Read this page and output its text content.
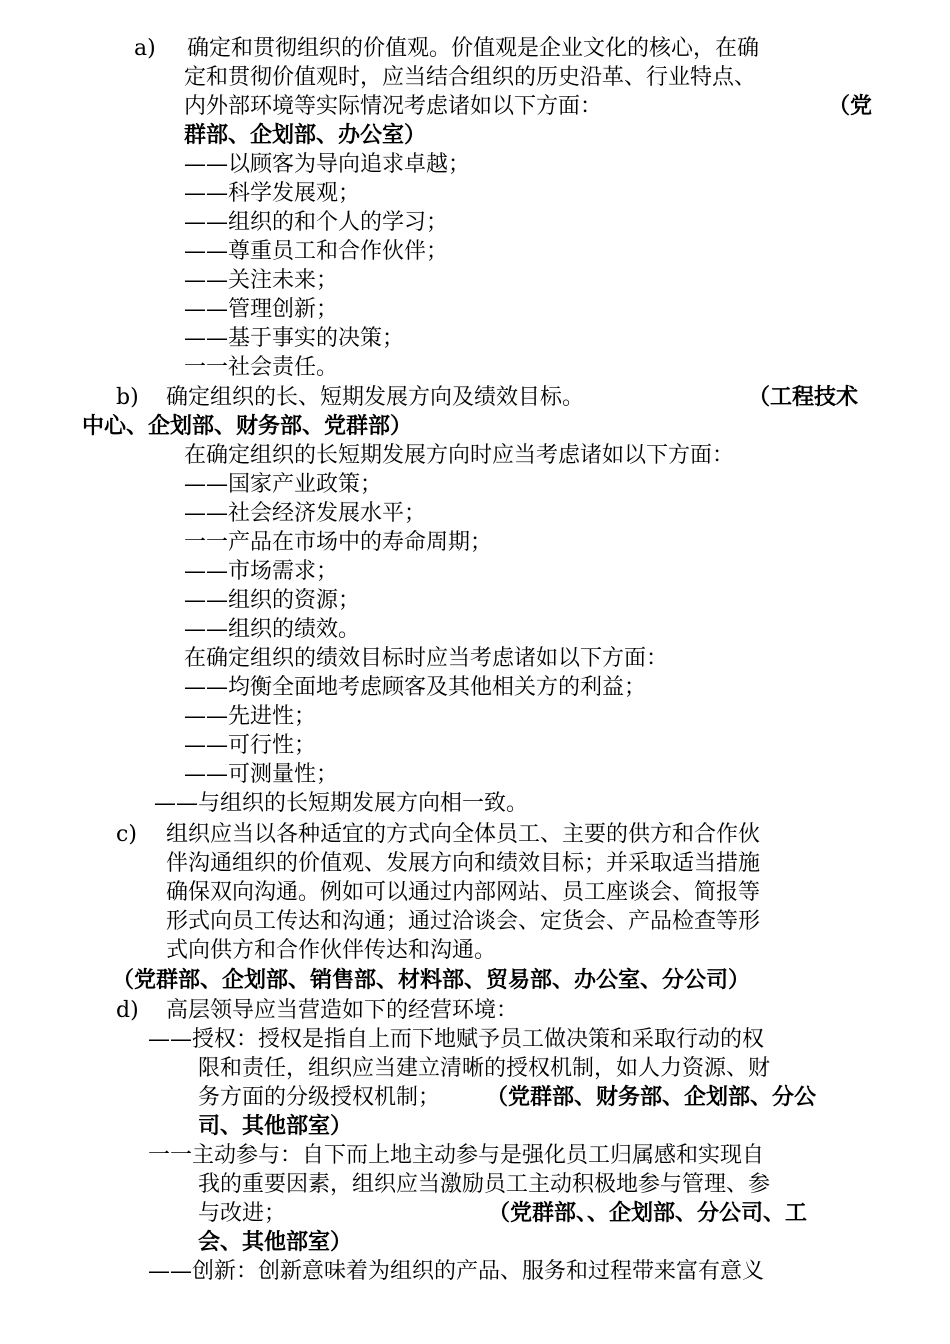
a) 确定和贯彻组织的价值观。价值观是企业文化的核心，在确
定和贯彻价值观时，应当结合组织的历史沿革、行业特点、
内外部环境等实际情况考虑诸如以下方面：	（党
群部、企划部、办公室）
——以顾客为导向追求卓越；
——科学发展观；
——组织的和个人的学习；
——尊重员工和合作伙伴；
——关注未来；
——管理创新；
——基于事实的决策；
一一社会责任。
b) 确定组织的长、短期发展方向及绩效目标。	（工程技术
中心、企划部、财务部、党群部）
在确定组织的长短期发展方向时应当考虑诸如以下方面：
——国家产业政策；
——社会经济发展水平；
一一产品在市场中的寿命周期；
——市场需求；
——组织的资源；
——组织的绩效。
在确定组织的绩效目标时应当考虑诸如以下方面：
——均衡全面地考虑顾客及其他相关方的利益；
——先进性；
——可行性；
——可测量性；
——与组织的长短期发展方向相一致。
c) 组织应当以各种适宜的方式向全体员工、主要的供方和合作伙
伴沟通组织的价值观、发展方向和绩效目标；并采取适当措施
确保双向沟通。例如可以通过内部网站、员工座谈会、简报等
形式向员工传达和沟通；通过洽谈会、定货会、产品检查等形
式向供方和合作伙伴传达和沟通。
（党群部、企划部、销售部、材料部、贸易部、办公室、分公司）
d) 高层领导应当营造如下的经营环境：
——授权：授权是指自上而下地赋予员工做决策和采取行动的权
限和责任，组织应当建立清晰的授权机制，如人力资源、财
务方面的分级授权机制； （党群部、财务部、企划部、分公
司、其他部室）
一一主动参与：自下而上地主动参与是强化员工归属感和实现自
我的重要因素，组织应当激励员工主动积极地参与管理、参
与改进；	（党群部、、企划部、分公司、工
会、其他部室）
——创新：创新意味着为组织的产品、服务和过程带来富有意义
